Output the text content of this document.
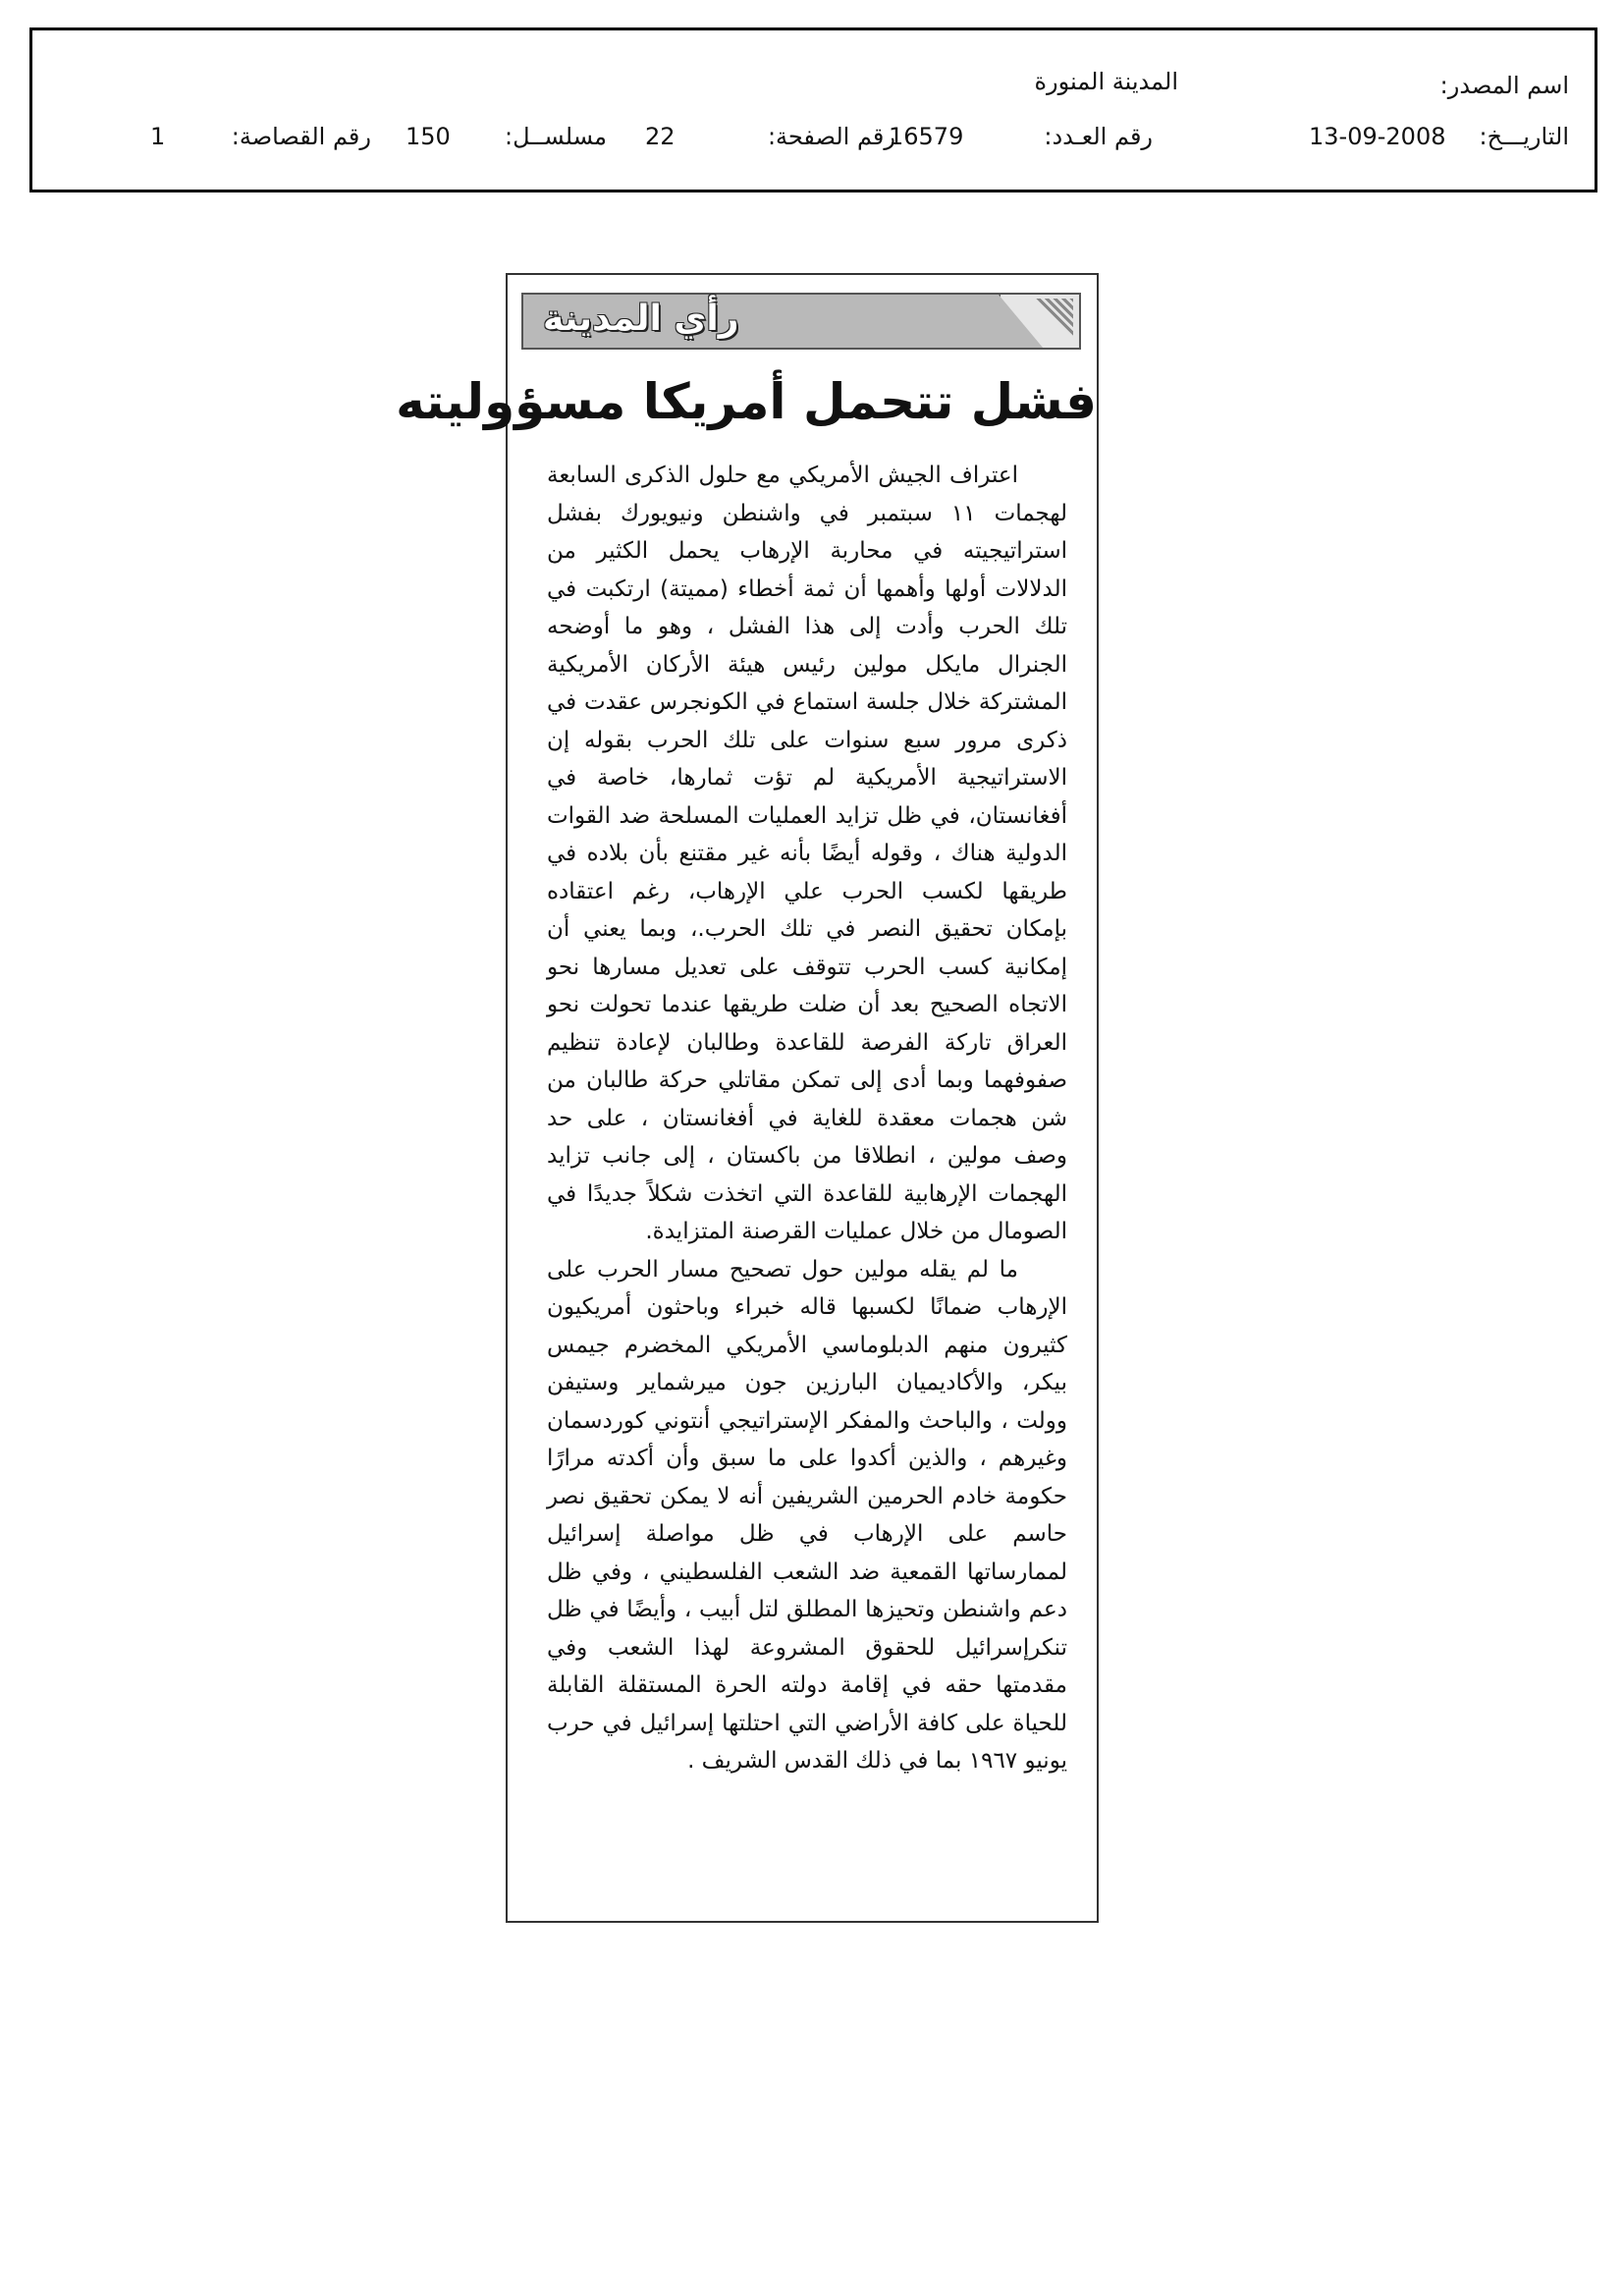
اسم المصدر:
المدينة المنورة
التاريـــخ:
13-09-2008
رقم العـدد:
16579
رقم الصفحة:
22
مسلســل:
150
رقم القصاصة:
1
رأي المدينة
فشل تتحمل أمريكا مسؤوليته

اعتراف الجيش الأمريكي مع حلول الذكرى السابعة لهجمات ١١ سبتمبر في واشنطن ونيويورك بفشل استراتيجيته في محاربة الإرهاب يحمل الكثير من الدلالات أولها وأهمها أن ثمة أخطاء (مميتة) ارتكبت في تلك الحرب وأدت إلى هذا الفشل ، وهو ما أوضحه الجنرال مايكل مولين رئيس هيئة الأركان الأمريكية المشتركة خلال جلسة استماع في الكونجرس عقدت في ذكرى مرور سبع سنوات على تلك الحرب بقوله إن الاستراتيجية الأمريكية لم تؤت ثمارها، خاصة في أفغانستان، في ظل تزايد العمليات المسلحة ضد القوات الدولية هناك ، وقوله أيضًا بأنه غير مقتنع بأن بلاده في طريقها لكسب الحرب علي الإرهاب، رغم اعتقاده بإمكان تحقيق النصر في تلك الحرب.، وبما يعني أن إمكانية كسب الحرب تتوقف على تعديل مسارها نحو الاتجاه الصحيح بعد أن ضلت طريقها عندما تحولت نحو العراق تاركة الفرصة للقاعدة وطالبان لإعادة تنظيم صفوفهما وبما أدى إلى تمكن مقاتلي حركة طالبان من شن هجمات معقدة للغاية في أفغانستان ، على حد وصف مولين ، انطلاقا من باكستان ، إلى جانب تزايد الهجمات الإرهابية للقاعدة التي اتخذت شكلاً جديدًا في الصومال من خلال عمليات القرصنة المتزايدة.

ما لم يقله مولين حول تصحيح مسار الحرب على الإرهاب ضمانًا لكسبها قاله خبراء وباحثون أمريكيون كثيرون منهم الدبلوماسي الأمريكي المخضرم جيمس بيكر، والأكاديميان البارزين جون ميرشماير وستيفن وولت ، والباحث والمفكر الإستراتيجي أنتوني كوردسمان وغيرهم ، والذين أكدوا على ما سبق وأن أكدته مرارًا حكومة خادم الحرمين الشريفين أنه لا يمكن تحقيق نصر حاسم على الإرهاب في ظل مواصلة إسرائيل لممارساتها القمعية ضد الشعب الفلسطيني ، وفي ظل دعم واشنطن وتحيزها المطلق لتل أبيب ، وأيضًا في ظل تنكرإسرائيل للحقوق المشروعة لهذا الشعب وفي مقدمتها حقه في إقامة دولته الحرة المستقلة القابلة للحياة على كافة الأراضي التي احتلتها إسرائيل في حرب يونيو ١٩٦٧ بما في ذلك القدس الشريف .
